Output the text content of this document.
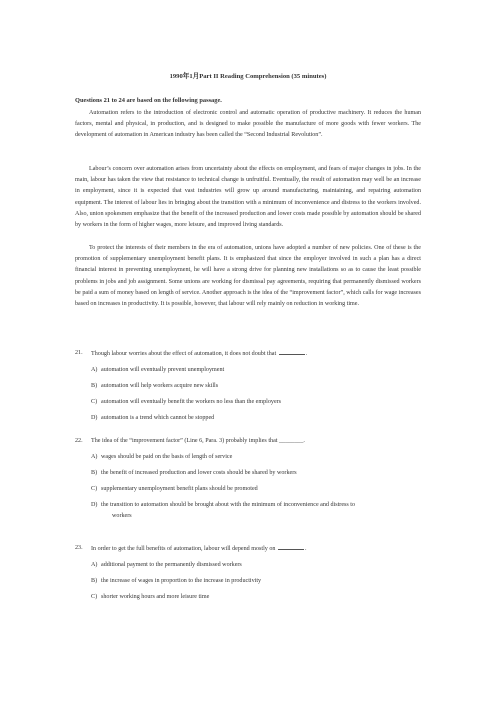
1990年1月Part II Reading Comprehension (35 minutes)
Questions 21 to 24 are based on the following passage.

Automation refers to the introduction of electronic control and automatic operation of productive machinery. It reduces the human factors, mental and physical, in production, and is designed to make possible the manufacture of more goods with fewer workers. The development of automation in American industry has been called the “Second Industrial Revolution”.

Labour’s concern over automation arises from uncertainty about the effects on employment, and fears of major changes in jobs. In the main, labour has taken the view that resistance to technical change is unfruitful. Eventually, the result of automation may well be an increase in employment, since it is expected that vast industries will grow up around manufacturing, maintaining, and repairing automation equipment. The interest of labour lies in bringing about the transition with a minimum of inconvenience and distress to the workers involved. Also, union spokesmen emphasize that the benefit of the increased production and lower costs made possible by automation should be shared by workers in the form of higher wages, more leisure, and improved living standards.

To protect the interests of their members in the era of automation, unions have adopted a number of new policies. One of these is the promotion of supplementary unemployment benefit plans. It is emphasized that since the employer involved in such a plan has a direct financial interest in preventing unemployment, he will have a strong drive for planning new installations so as to cause the least possible problems in jobs and job assignment. Some unions are working for dismissal pay agreements, requiring that permanently dismissed workers be paid a sum of money based on length of service. Another approach is the idea of the “improvement factor”, which calls for wage increases based on increases in productivity. It is possible, however, that labour will rely mainly on reduction in working time.

21. Though labour worries about the effect of automation, it does not doubt that	.
A) automation will eventually prevent unemployment
B) automation will help workers acquire new skills
C) automation will eventually benefit the workers no less than the employers
D) automation is a trend which cannot be stopped
22. The idea of the “improvement factor” (Line 6, Para. 3) probably implies that ________.
A) wages should be paid on the basis of length of service
B) the benefit of increased production and lower costs should be shared by workers
C) supplementary unemployment benefit plans should be promoted
D) the transition to automation should be brought about with the minimum of inconvenience and distress to
workers
23. In order to get the full benefits of automation, labour will depend mostly on	.
A) additional payment to the permanently dismissed workers
B) the increase of wages in proportion to the increase in productivity
C) shorter working hours and more leisure time
